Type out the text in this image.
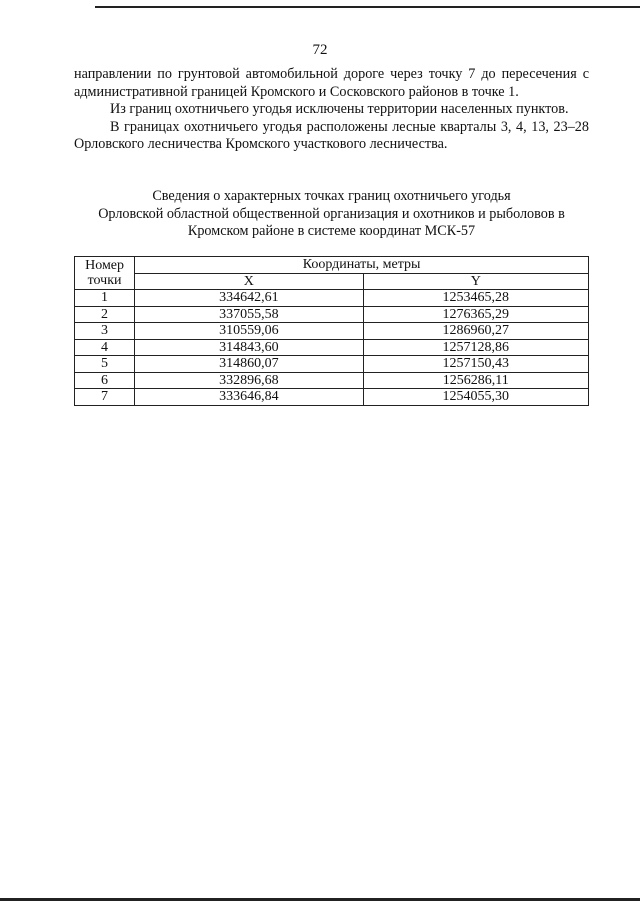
72

направлении по грунтовой автомобильной дороге через точку 7 до пересечения с административной границей Кромского и Сосковского районов в точке 1.

Из границ охотничьего угодья исключены территории населенных пунктов.

В границах охотничьего угодья расположены лесные кварталы 3, 4, 13, 23–28 Орловского лесничества Кромского участкового лесничества.

Сведения о характерных точках границ охотничьего угодья
Орловской областной общественной организация и охотников и рыболовов в
Кромском районе в системе координат МСК-57
Номер
точки	Координаты, метры	
	X	Y
1	334642,61	1253465,28
2	337055,58	1276365,29
3	310559,06	1286960,27
4	314843,60	1257128,86
5	314860,07	1257150,43
6	332896,68	1256286,11
7	333646,84	1254055,30
